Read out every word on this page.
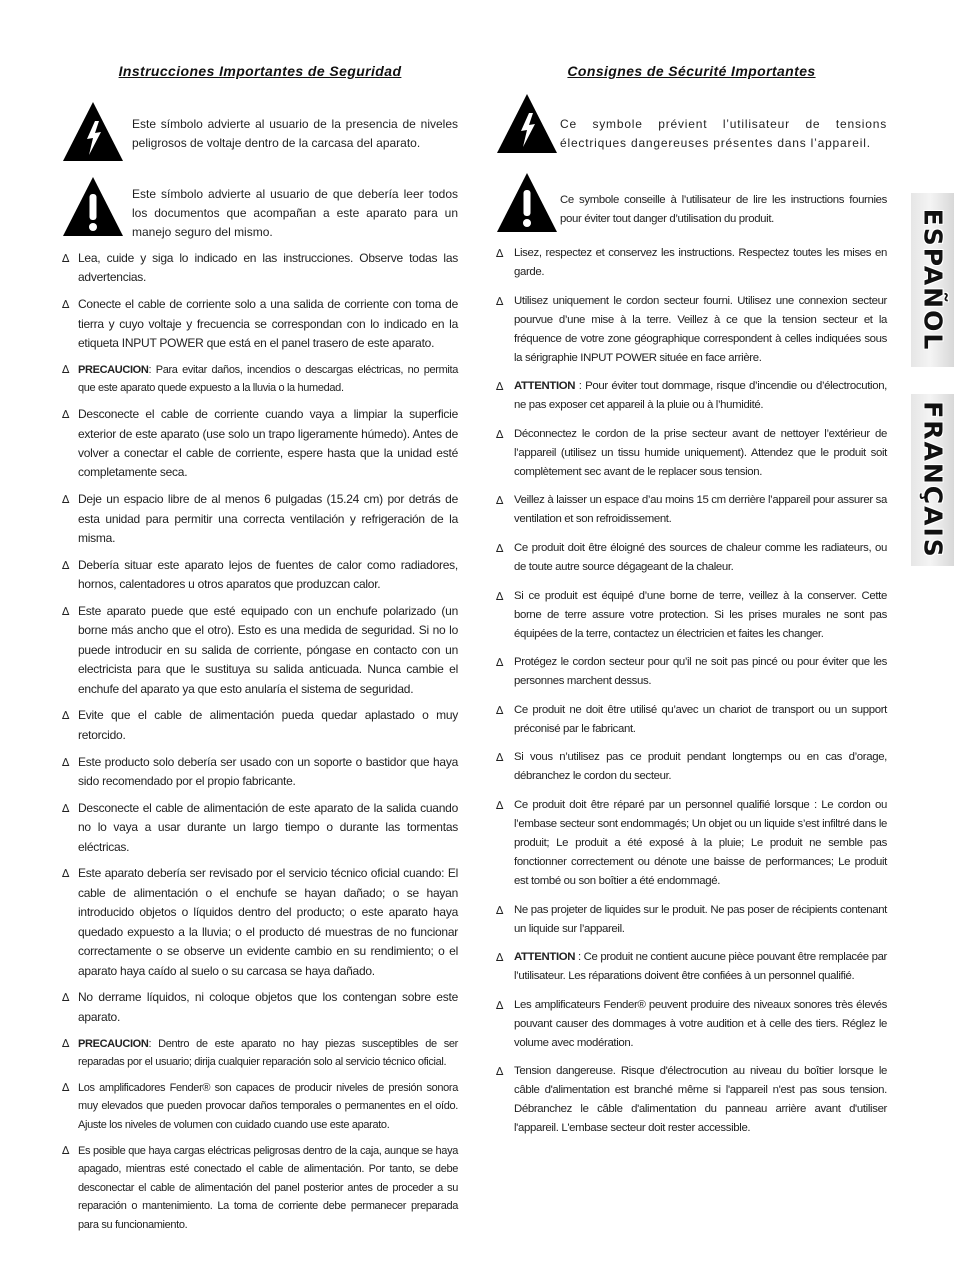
Instrucciones Importantes de Seguridad
Este símbolo advierte al usuario de la presencia de niveles peligrosos de voltaje dentro de la carcasa del aparato.
Este símbolo advierte al usuario de que debería leer todos los documentos que acompañan a este aparato para un manejo seguro del mismo.
∆ Lea, cuide y siga lo indicado en las instrucciones. Observe todas las advertencias.
∆ Conecte el cable de corriente solo a una salida de corriente con toma de tierra y cuyo voltaje y frecuencia se correspondan con lo indicado en la etiqueta INPUT POWER que está en el panel trasero de este aparato.
∆ PRECAUCION: Para evitar daños, incendios o descargas eléctricas, no permita que este aparato quede expuesto a la lluvia o la humedad.
∆ Desconecte el cable de corriente cuando vaya a limpiar la superficie exterior de este aparato (use solo un trapo ligeramente húmedo). Antes de volver a conectar el cable de corriente, espere hasta que la unidad esté completamente seca.
∆ Deje un espacio libre de al menos 6 pulgadas (15.24 cm) por detrás de esta unidad para permitir una correcta ventilación y refrigeración de la misma.
∆ Debería situar este aparato lejos de fuentes de calor como radiadores, hornos, calentadores u otros aparatos que produzcan calor.
∆ Este aparato puede que esté equipado con un enchufe polarizado (un borne más ancho que el otro). Esto es una medida de seguridad. Si no lo puede introducir en su salida de corriente, póngase en contacto con un electricista para que le sustituya su salida anticuada. Nunca cambie el enchufe del aparato ya que esto anularía el sistema de seguridad.
∆ Evite que el cable de alimentación pueda quedar aplastado o muy retorcido.
∆ Este producto solo debería ser usado con un soporte o bastidor que haya sido recomendado por el propio fabricante.
∆ Desconecte el cable de alimentación de este aparato de la salida cuando no lo vaya a usar durante un largo tiempo o durante las tormentas eléctricas.
∆ Este aparato debería ser revisado por el servicio técnico oficial cuando: El cable de alimentación o el enchufe se hayan dañado; o se hayan introducido objetos o líquidos dentro del producto; o este aparato haya quedado expuesto a la lluvia; o el producto dé muestras de no funcionar correctamente o se observe un evidente cambio en su rendimiento; o el aparato haya caído al suelo o su carcasa se haya dañado.
∆ No derrame líquidos, ni coloque objetos que los contengan sobre este aparato.
∆ PRECAUCION: Dentro de este aparato no hay piezas susceptibles de ser reparadas por el usuario; dirija cualquier reparación solo al servicio técnico oficial.
∆ Los amplificadores Fender® son capaces de producir niveles de presión sonora muy elevados que pueden provocar daños temporales o permanentes en el oído. Ajuste los niveles de volumen con cuidado cuando use este aparato.
∆ Es posible que haya cargas eléctricas peligrosas dentro de la caja, aunque se haya apagado, mientras esté conectado el cable de alimentación. Por tanto, se debe desconectar el cable de alimentación del panel posterior antes de proceder a su reparación o mantenimiento. La toma de corriente debe permanecer preparada para su funcionamiento.
Consignes de Sécurité Importantes
Ce symbole prévient l’utilisateur de tensions électriques dangereuses présentes dans l’appareil.
Ce symbole conseille à l’utilisateur de lire les instructions fournies pour éviter tout danger d’utilisation du produit.
∆ Lisez, respectez et conservez les instructions. Respectez toutes les mises en garde.
∆ Utilisez uniquement le cordon secteur fourni. Utilisez une connexion secteur pourvue d’une mise à la terre. Veillez à ce que la tension secteur et la fréquence de votre zone géographique correspondent à celles indiquées sous la sérigraphie INPUT POWER située en face arrière.
∆ ATTENTION : Pour éviter tout dommage, risque d’incendie ou d’électrocution, ne pas exposer cet appareil à la pluie ou à l’humidité.
∆ Déconnectez le cordon de la prise secteur avant de nettoyer l’extérieur de l’appareil (utilisez un tissu humide uniquement). Attendez que le produit soit complètement sec avant de le replacer sous tension.
∆ Veillez à laisser un espace d’au moins 15 cm derrière l’appareil pour assurer sa ventilation et son refroidissement.
∆ Ce produit doit être éloigné des sources de chaleur comme les radiateurs, ou de toute autre source dégageant de la chaleur.
∆ Si ce produit est équipé d’une borne de terre, veillez à la conserver. Cette borne de terre assure votre protection. Si les prises murales ne sont pas équipées de la terre, contactez un électricien et faites les changer.
∆ Protégez le cordon secteur pour qu’il ne soit pas pincé ou pour éviter que les personnes marchent dessus.
∆ Ce produit ne doit être utilisé qu’avec un chariot de transport ou un support préconisé par le fabricant.
∆ Si vous n’utilisez pas ce produit pendant longtemps ou en cas d’orage, débranchez le cordon du secteur.
∆ Ce produit doit être réparé par un personnel qualifié lorsque : Le cordon ou l’embase secteur sont endommagés; Un objet ou un liquide s’est infiltré dans le produit; Le produit a été exposé à la pluie; Le produit ne semble pas fonctionner correctement ou dénote une baisse de performances; Le produit est tombé ou son boîtier a été endommagé.
∆ Ne pas projeter de liquides sur le produit. Ne pas poser de récipients contenant un liquide sur l’appareil.
∆ ATTENTION : Ce produit ne contient aucune pièce pouvant être remplacée par l’utilisateur. Les réparations doivent être confiées à un personnel qualifié.
∆ Les amplificateurs Fender® peuvent produire des niveaux sonores très élevés pouvant causer des dommages à votre audition et à celle des tiers. Réglez le volume avec modération.
∆ Tension dangereuse. Risque d'électrocution au niveau du boîtier lorsque le câble d'alimentation est branché même si l'appareil n'est pas sous tension. Débranchez le câble d'alimentation du panneau arrière avant d'utiliser l'appareil. L'embase secteur doit rester accessible.
ESPAÑOL
FRANÇAIS
